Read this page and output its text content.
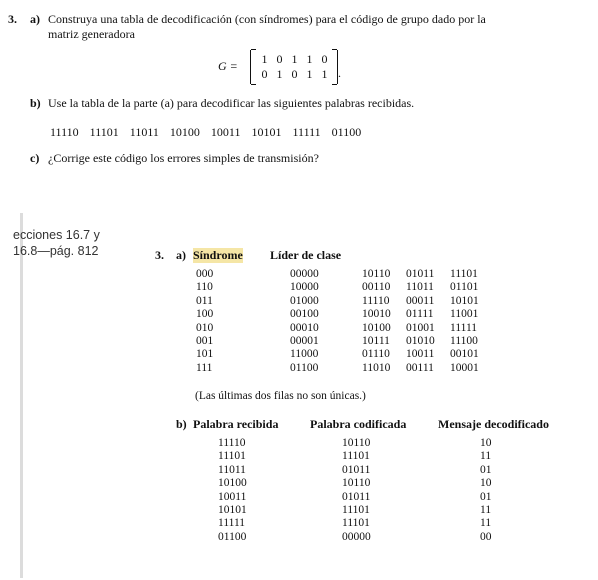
3. a) Construya una tabla de decodificación (con síndromes) para el código de grupo dado por la
matriz generadora
G =	1 0 1 1 0
0 1 0 1 1 .
b) Use la tabla de la parte (a) para decodificar las siguientes palabras recibidas.
11110 11101 11011 10100 10011 10101 11111 01100
c) ¿Corrige este código los errores simples de transmisión?
ecciones 16.7 y
16.8—pág. 812	3. a) Síndrome Líder de clase
000	00000	10110	01011	11101
110	10000	00110	11011	01101
011	01000	11110	00011	10101
100	00100	10010	01111	11001
010	00010	10100	01001	11111
001	00001	10111	01010	11100
101	11000	01110	10011	00101
111	01100	11010	00111	10001
(Las últimas dos filas no son únicas.)
b) Palabra recibida	Palabra codificada	Mensaje decodificado
11110	10110	10
11101	11101	11
11011	01011	01
10100	10110	10
10011	01011	01
10101	11101	11
11111	11101	11
01100	00000	00
